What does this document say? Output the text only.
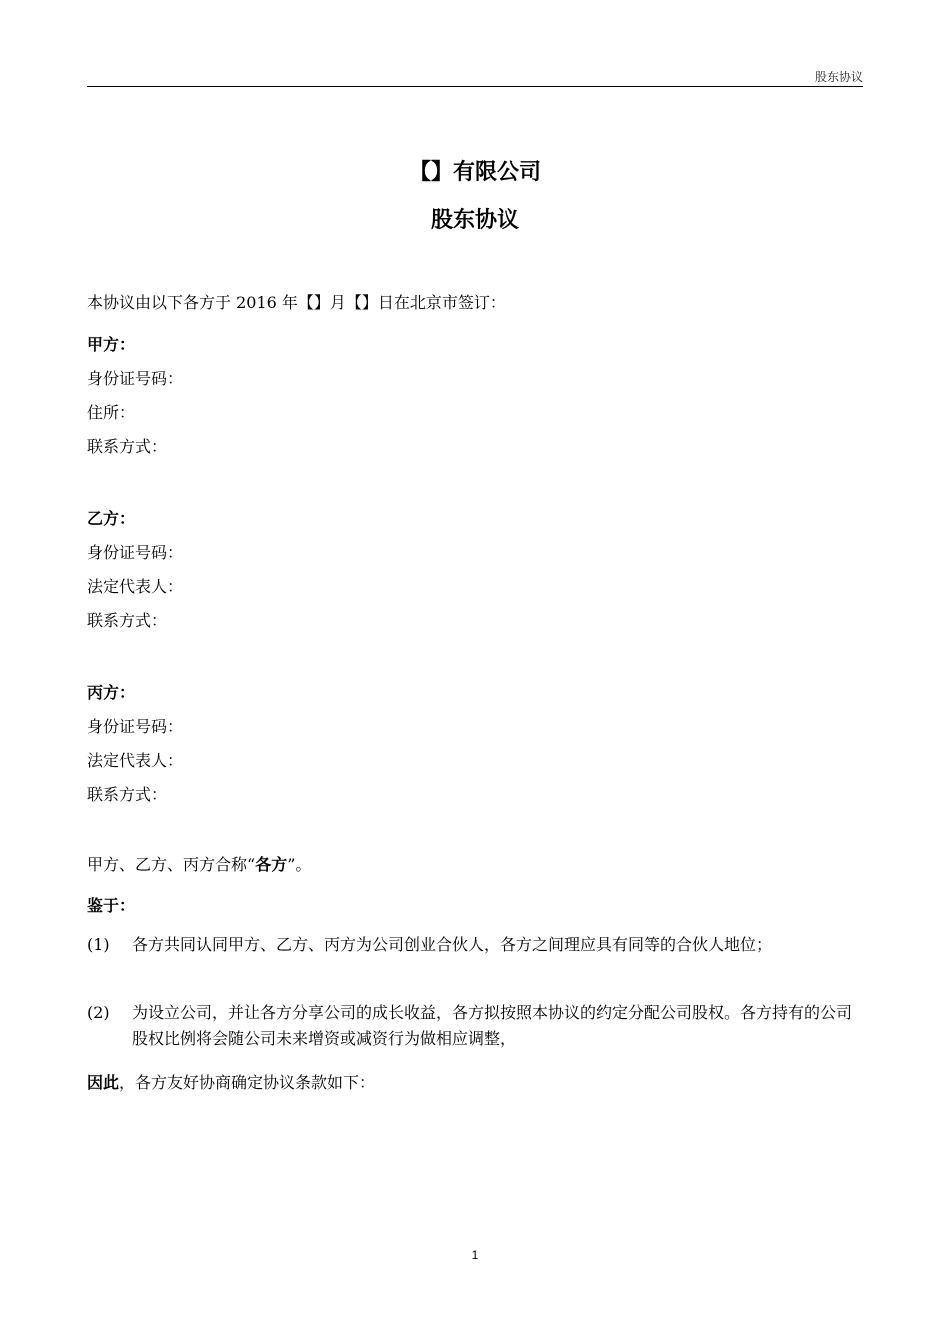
股东协议
【】有限公司
股东协议
本协议由以下各方于 2016 年【】月【】日在北京市签订：
甲方：
身份证号码：
住所：
联系方式：
乙方：
身份证号码：
法定代表人：
联系方式：
丙方：
身份证号码：
法定代表人：
联系方式：
甲方、乙方、丙方合称“各方”。
鉴于：
(1) 各方共同认同甲方、乙方、丙方为公司创业合伙人，各方之间理应具有同等的合伙人地位；
(2) 为设立公司，并让各方分享公司的成长收益，各方拟按照本协议的约定分配公司股权。各方持有的公司股权比例将会随公司未来增资或减资行为做相应调整，
因此，各方友好协商确定协议条款如下：
1
